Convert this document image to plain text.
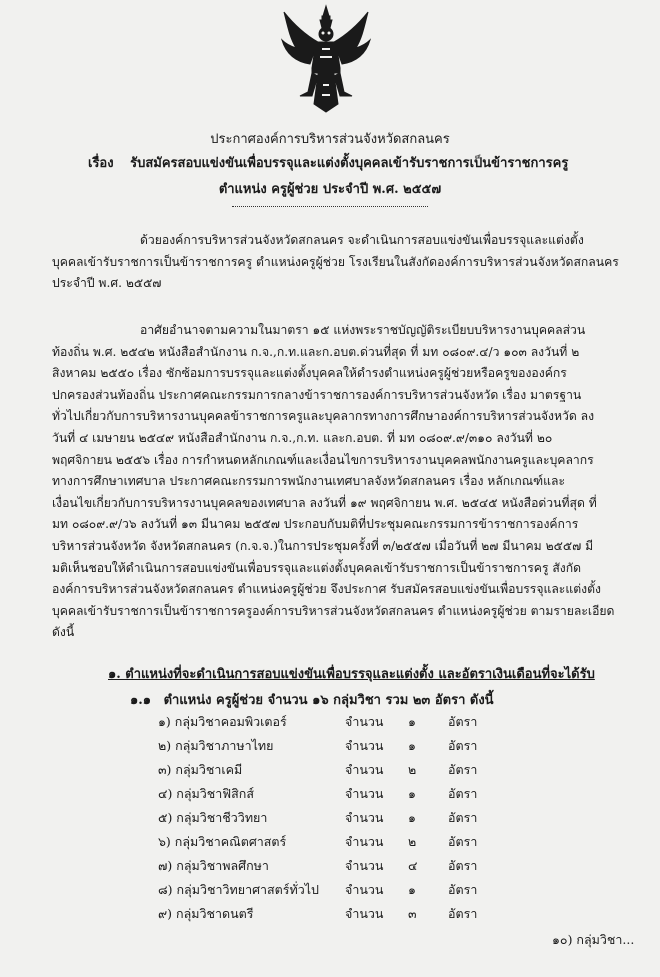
ประกาศองค์การบริหารส่วนจังหวัดสกลนคร
เรื่อง รับสมัครสอบแข่งขันเพื่อบรรจุและแต่งตั้งบุคคลเข้ารับราชการเป็นข้าราชการครู
ตำแหน่ง ครูผู้ช่วย ประจำปี พ.ศ. ๒๕๕๗

ด้วยองค์การบริหารส่วนจังหวัดสกลนคร จะดำเนินการสอบแข่งขันเพื่อบรรจุและแต่งตั้ง
บุคคลเข้ารับราชการเป็นข้าราชการครู ตำแหน่งครูผู้ช่วย โรงเรียนในสังกัดองค์การบริหารส่วนจังหวัดสกลนคร
ประจำปี พ.ศ. ๒๕๕๗

อาศัยอำนาจตามความในมาตรา ๑๕ แห่งพระราชบัญญัติระเบียบบริหารงานบุคคลส่วน
ท้องถิ่น พ.ศ. ๒๕๔๒ หนังสือสำนักงาน ก.จ.,ก.ท.และก.อบต.ด่วนที่สุด ที่ มท ๐๘๐๙.๔/ว ๑๐๓ ลงวันที่ ๒
สิงหาคม ๒๕๕๐ เรื่อง ซักซ้อมการบรรจุและแต่งตั้งบุคคลให้ดำรงตำแหน่งครูผู้ช่วยหรือครูขององค์กร
ปกครองส่วนท้องถิ่น ประกาศคณะกรรมการกลางข้าราชการองค์การบริหารส่วนจังหวัด เรื่อง มาตรฐาน
ทั่วไปเกี่ยวกับการบริหารงานบุคคลข้าราชการครูและบุคลากรทางการศึกษาองค์การบริหารส่วนจังหวัด ลง
วันที่ ๔ เมษายน ๒๕๔๙ หนังสือสำนักงาน ก.จ.,ก.ท. และก.อบต. ที่ มท ๐๘๐๙.๙/๓๑๐ ลงวันที่ ๒๐
พฤศจิกายน ๒๕๕๖ เรื่อง การกำหนดหลักเกณฑ์และเงื่อนไขการบริหารงานบุคคลพนักงานครูและบุคลากร
ทางการศึกษาเทศบาล ประกาศคณะกรรมการพนักงานเทศบาลจังหวัดสกลนคร เรื่อง หลักเกณฑ์และ
เงื่อนไขเกี่ยวกับการบริหารงานบุคคลของเทศบาล ลงวันที่ ๑๙ พฤศจิกายน พ.ศ. ๒๕๔๕ หนังสือด่วนที่สุด ที่
มท ๐๘๐๙.๙/ว๖ ลงวันที่ ๑๓ มีนาคม ๒๕๕๗ ประกอบกับมติที่ประชุมคณะกรรมการข้าราชการองค์การ
บริหารส่วนจังหวัด จังหวัดสกลนคร (ก.จ.จ.)ในการประชุมครั้งที่ ๓/๒๕๕๗ เมื่อวันที่ ๒๗ มีนาคม ๒๕๕๗ มี
มติเห็นชอบให้ดำเนินการสอบแข่งขันเพื่อบรรจุและแต่งตั้งบุคคลเข้ารับราชการเป็นข้าราชการครู สังกัด
องค์การบริหารส่วนจังหวัดสกลนคร ตำแหน่งครูผู้ช่วย จึงประกาศ รับสมัครสอบแข่งขันเพื่อบรรจุและแต่งตั้ง
บุคคลเข้ารับราชการเป็นข้าราชการครูองค์การบริหารส่วนจังหวัดสกลนคร ตำแหน่งครูผู้ช่วย ตามรายละเอียด
ดังนี้

๑. ตำแหน่งที่จะดำเนินการสอบแข่งขันเพื่อบรรจุและแต่งตั้ง และอัตราเงินเดือนที่จะได้รับ
๑.๑ ตำแหน่ง ครูผู้ช่วย จำนวน ๑๖ กลุ่มวิชา รวม ๒๓ อัตรา ดังนี้
๑) กลุ่มวิชาคอมพิวเตอร์	จำนวน ๑	อัตรา
๒) กลุ่มวิชาภาษาไทย	จำนวน ๑	อัตรา
๓) กลุ่มวิชาเคมี	จำนวน ๒	อัตรา
๔) กลุ่มวิชาฟิสิกส์	จำนวน ๑	อัตรา
๕) กลุ่มวิชาชีววิทยา	จำนวน ๑	อัตรา
๖) กลุ่มวิชาคณิตศาสตร์	จำนวน ๒	อัตรา
๗) กลุ่มวิชาพลศึกษา	จำนวน ๔ อัตรา
๘) กลุ่มวิชาวิทยาศาสตร์ทั่วไป จำนวน ๑	อัตรา
๙) กลุ่มวิชาดนตรี	จำนวน ๓	อัตรา
๑๐) กลุ่มวิชา...
